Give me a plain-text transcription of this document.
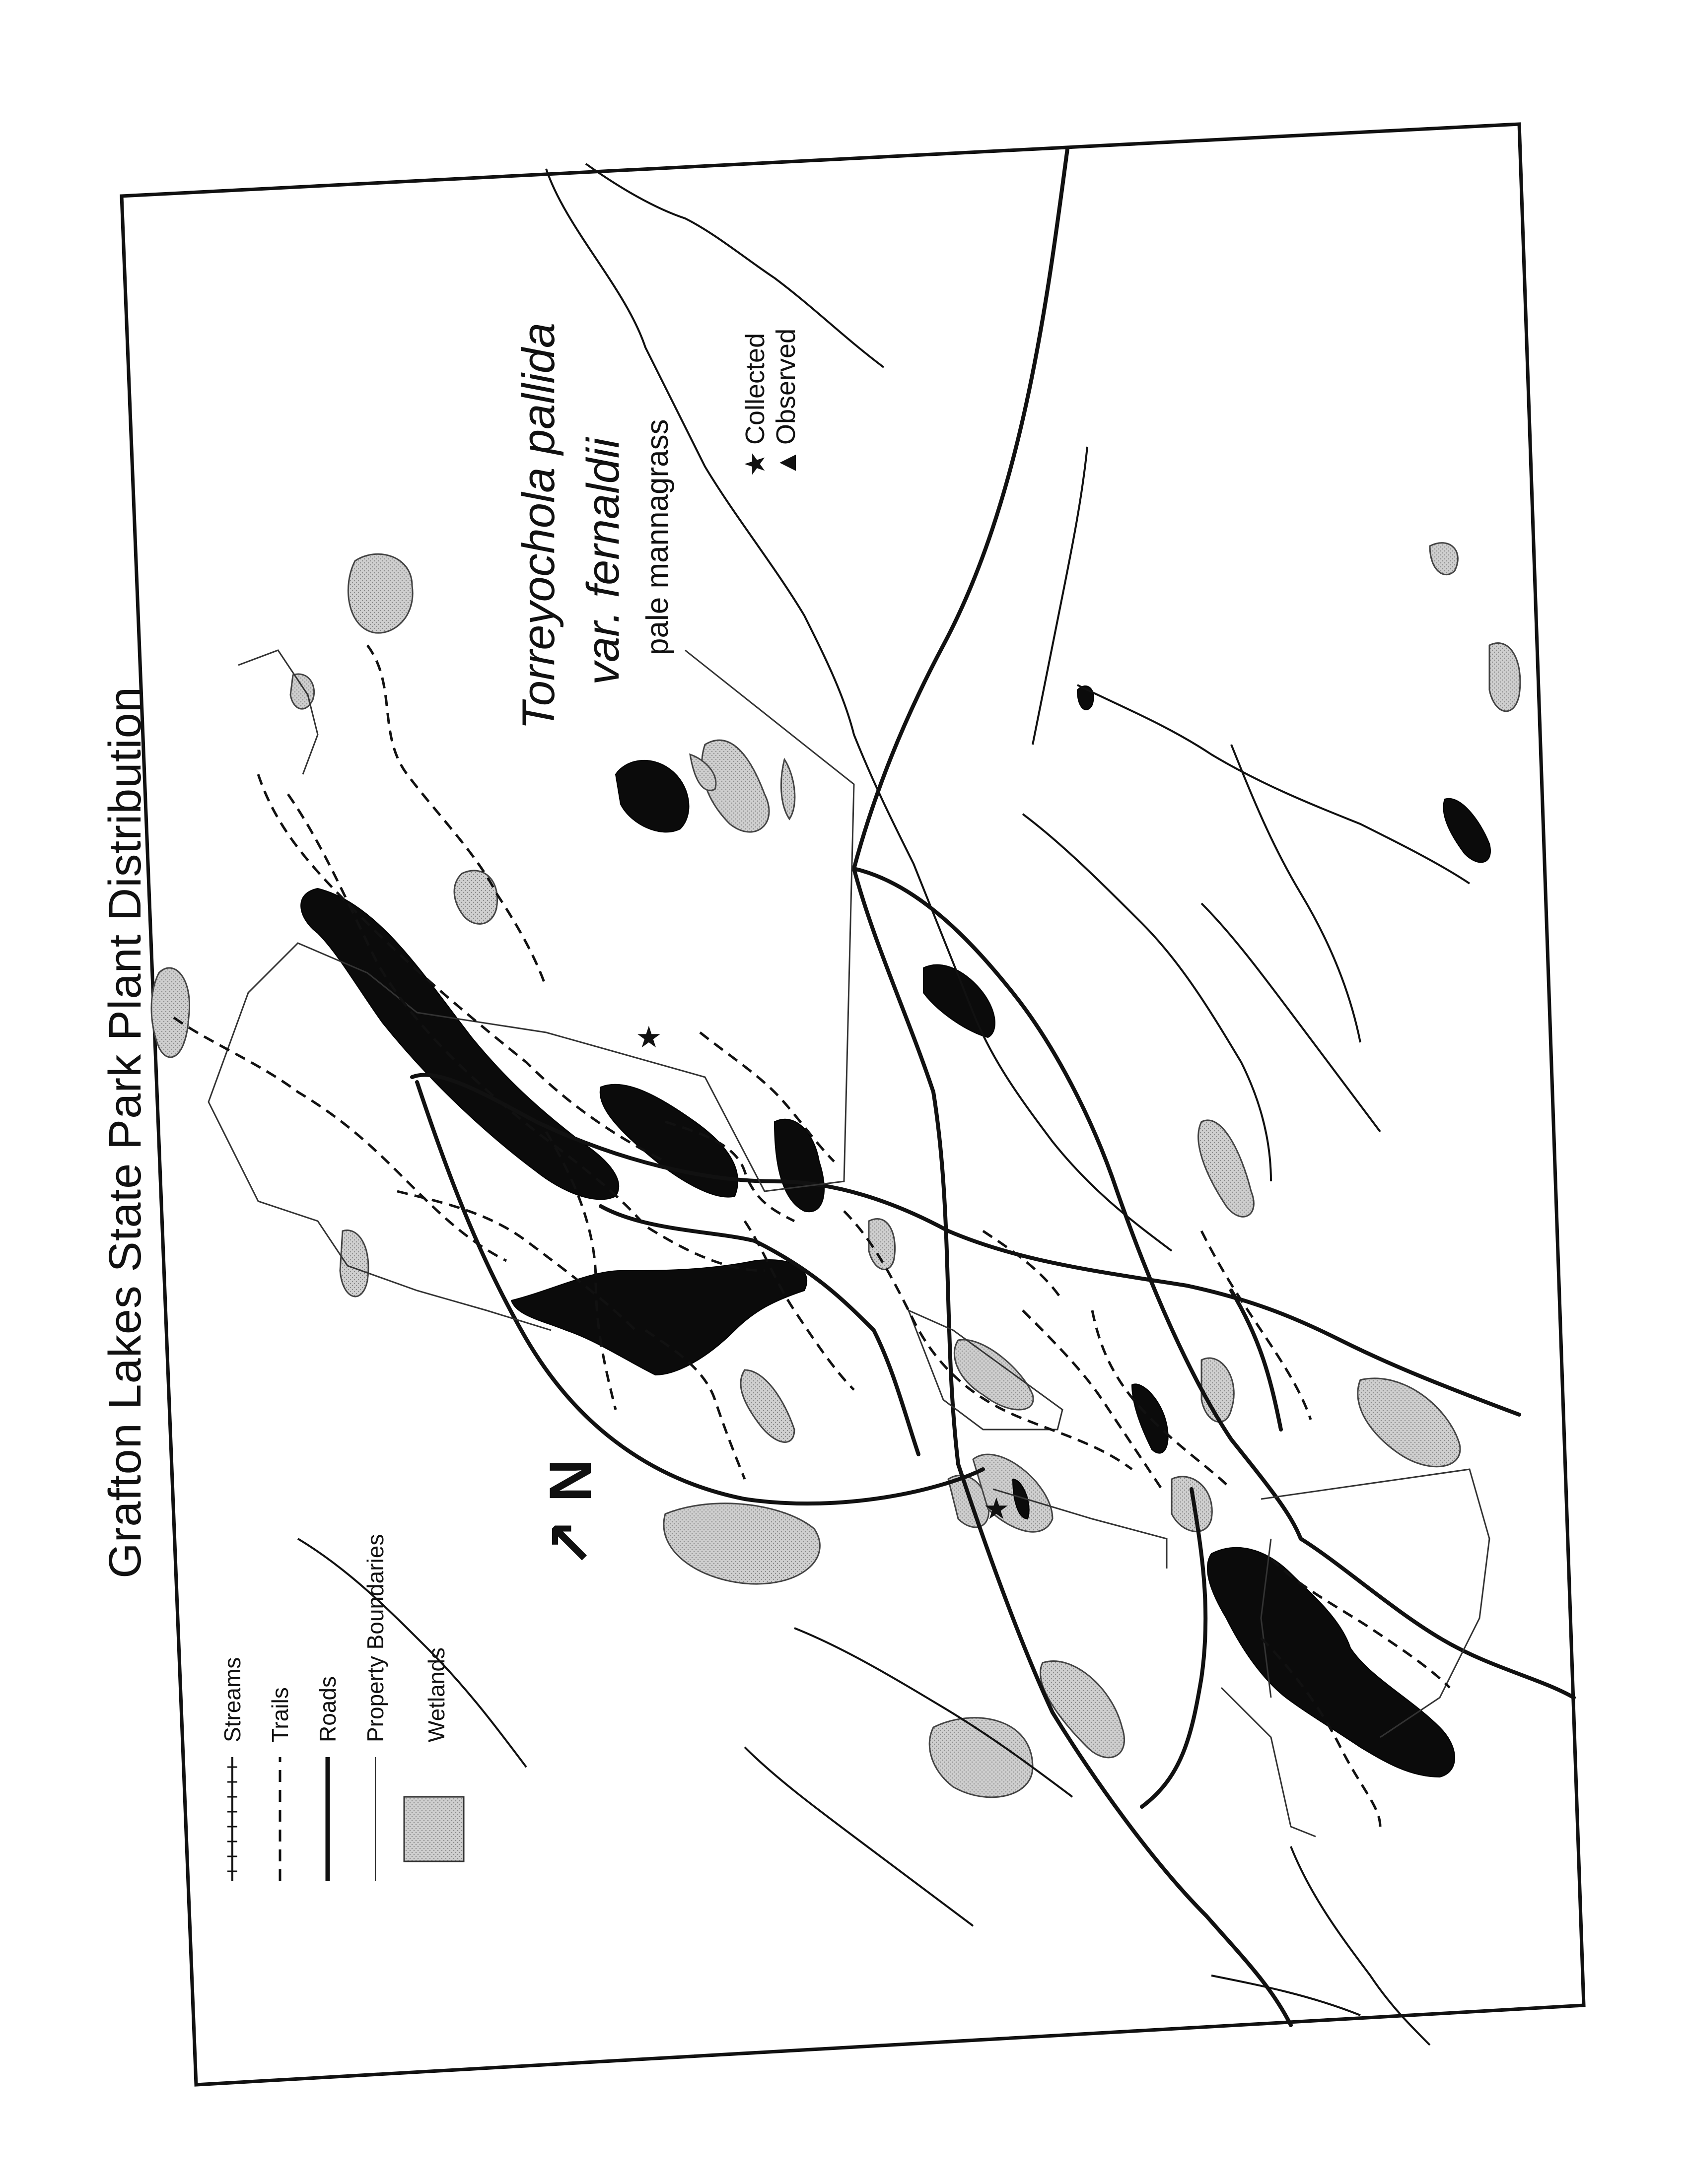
Grafton Lakes State Park Plant Distribution	★
★
Torreyochola pallida var. fernaldii pale mannagrass ★
Collected
▲
Observed
↗ N
Streams Trails Roads Property Boundaries Wetlands
